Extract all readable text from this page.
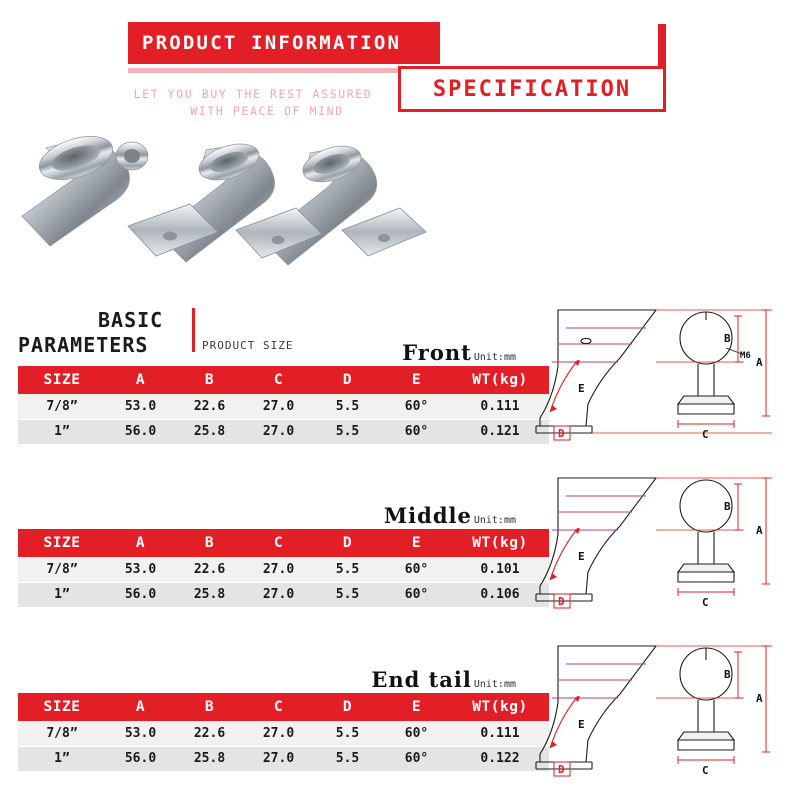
PRODUCT INFORMATION
LET YOU BUY THE REST ASSURED
WITH PEACE OF MIND
SPECIFICATION
BASIC
PARAMETERS	PRODUCT SIZE	Front Unit:mm
SIZE	A	B	C	D	E	WT(kg)
7/8”	53.0	22.6	27.0	5.5	60°	0.111
1”	56.0	25.8	27.0	5.5	60°	0.121
Middle Unit:mm
SIZE	A	B	C	D	E	WT(kg)
7/8”	53.0	22.6	27.0	5.5	60°	0.101
1”	56.0	25.8	27.0	5.5	60°	0.106
End tail Unit:mm
SIZE	A	B	C	D	E	WT(kg)
7/8”	53.0	22.6	27.0	5.5	60°	0.111
1”	56.0	25.8	27.0	5.5	60°	0.122
A
B
C
D
E
M6
A
B
C
D
E
A
B
C
D
E
